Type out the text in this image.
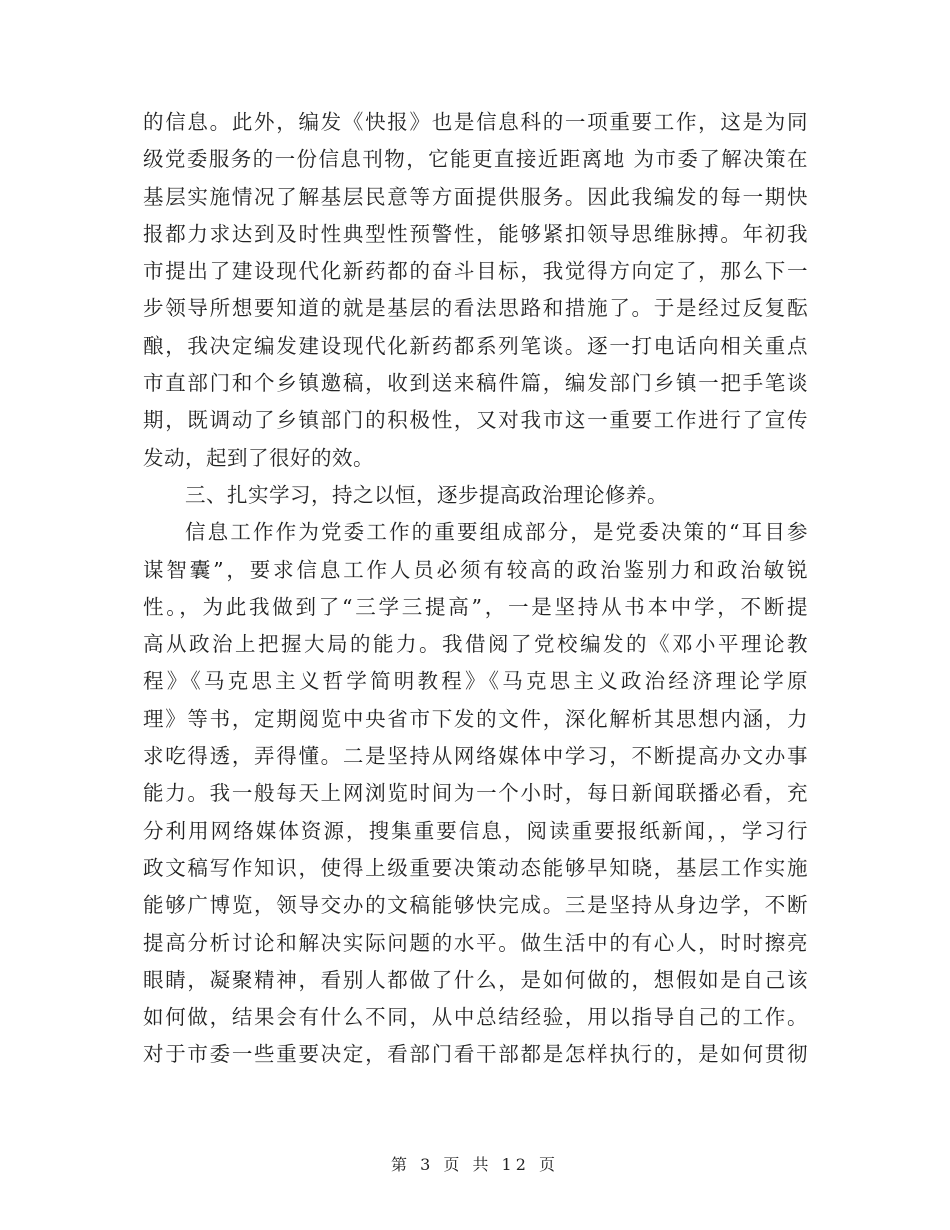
的信息。此外，编发《快报》也是信息科的一项重要工作，这是为同
级党委服务的一份信息刊物，它能更直接近距离地 为市委了解决策在
基层实施情况了解基层民意等方面提供服务。因此我编发的每一期快
报都力求达到及时性典型性预警性，能够紧扣领导思维脉搏。年初我
市提出了建设现代化新药都的奋斗目标，我觉得方向定了，那么下一
步领导所想要知道的就是基层的看法思路和措施了。于是经过反复酝
酿，我决定编发建设现代化新药都系列笔谈。逐一打电话向相关重点
市直部门和个乡镇邀稿，收到送来稿件篇，编发部门乡镇一把手笔谈
期，既调动了乡镇部门的积极性，又对我市这一重要工作进行了宣传
发动，起到了很好的效。
三、扎实学习，持之以恒，逐步提高政治理论修养。
信息工作作为党委工作的重要组成部分，是党委决策的“耳目参
谋智囊”，要求信息工作人员必须有较高的政治鉴别力和政治敏锐
性。，为此我做到了“三学三提高”，一是坚持从书本中学，不断提
高从政治上把握大局的能力。我借阅了党校编发的《邓小平理论教
程》《马克思主义哲学简明教程》《马克思主义政治经济理论学原
理》等书，定期阅览中央省市下发的文件，深化解析其思想内涵，力
求吃得透，弄得懂。二是坚持从网络媒体中学习，不断提高办文办事
能力。我一般每天上网浏览时间为一个小时，每日新闻联播必看，充
分利用网络媒体资源，搜集重要信息，阅读重要报纸新闻，，学习行
政文稿写作知识，使得上级重要决策动态能够早知晓，基层工作实施
能够广博览，领导交办的文稿能够快完成。三是坚持从身边学，不断
提高分析讨论和解决实际问题的水平。做生活中的有心人，时时擦亮
眼睛，凝聚精神，看别人都做了什么，是如何做的，想假如是自己该
如何做，结果会有什么不同，从中总结经验，用以指导自己的工作。
对于市委一些重要决定，看部门看干部都是怎样执行的，是如何贯彻
第 3 页 共 12 页
